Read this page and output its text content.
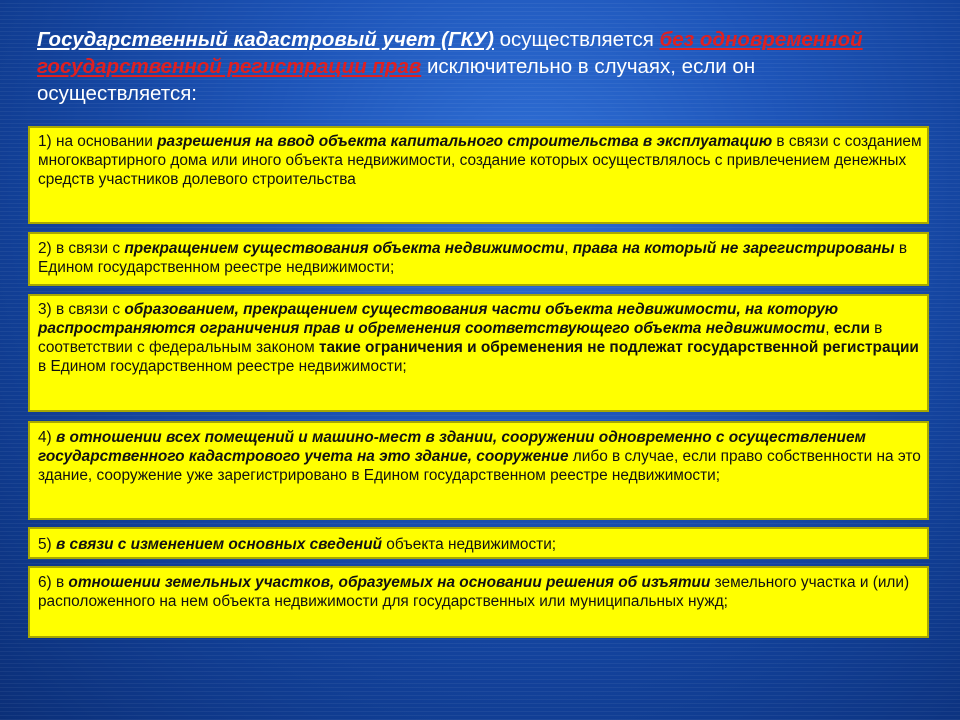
Государственный кадастровый учет (ГКУ) осуществляется без одновременной государственной регистрации прав исключительно в случаях, если он осуществляется:
1) на основании разрешения на ввод объекта капитального строительства в эксплуатацию в связи с созданием многоквартирного дома или иного объекта недвижимости, создание которых осуществлялось с привлечением денежных средств участников долевого строительства
2) в связи с прекращением существования объекта недвижимости, права на который не зарегистрированы в Едином государственном реестре недвижимости;
3) в связи с образованием, прекращением существования части объекта недвижимости, на которую распространяются ограничения прав и обременения соответствующего объекта недвижимости, если в соответствии с федеральным законом такие ограничения и обременения не подлежат государственной регистрации в Едином государственном реестре недвижимости;
4) в отношении всех помещений и машино-мест в здании, сооружении одновременно с осуществлением государственного кадастрового учета на это здание, сооружение либо в случае, если право собственности на это здание, сооружение уже зарегистрировано в Едином государственном реестре недвижимости;
5) в связи с изменением основных сведений объекта недвижимости;
6) в отношении земельных участков, образуемых на основании решения об изъятии земельного участка и (или) расположенного на нем объекта недвижимости для государственных или муниципальных нужд;
